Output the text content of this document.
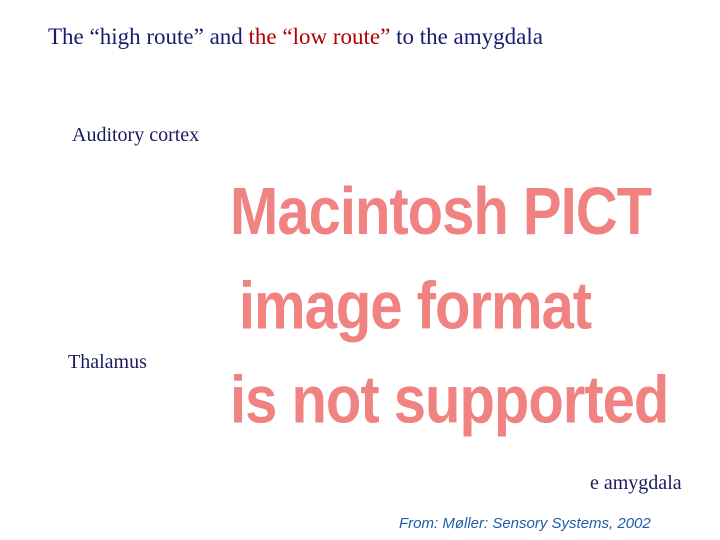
The “high route” and the “low route” to the amygdala
Auditory cortex
Thalamus
e amygdala
Macintosh PICT
image format
is not supported
From: Møller: Sensory Systems, 2002
